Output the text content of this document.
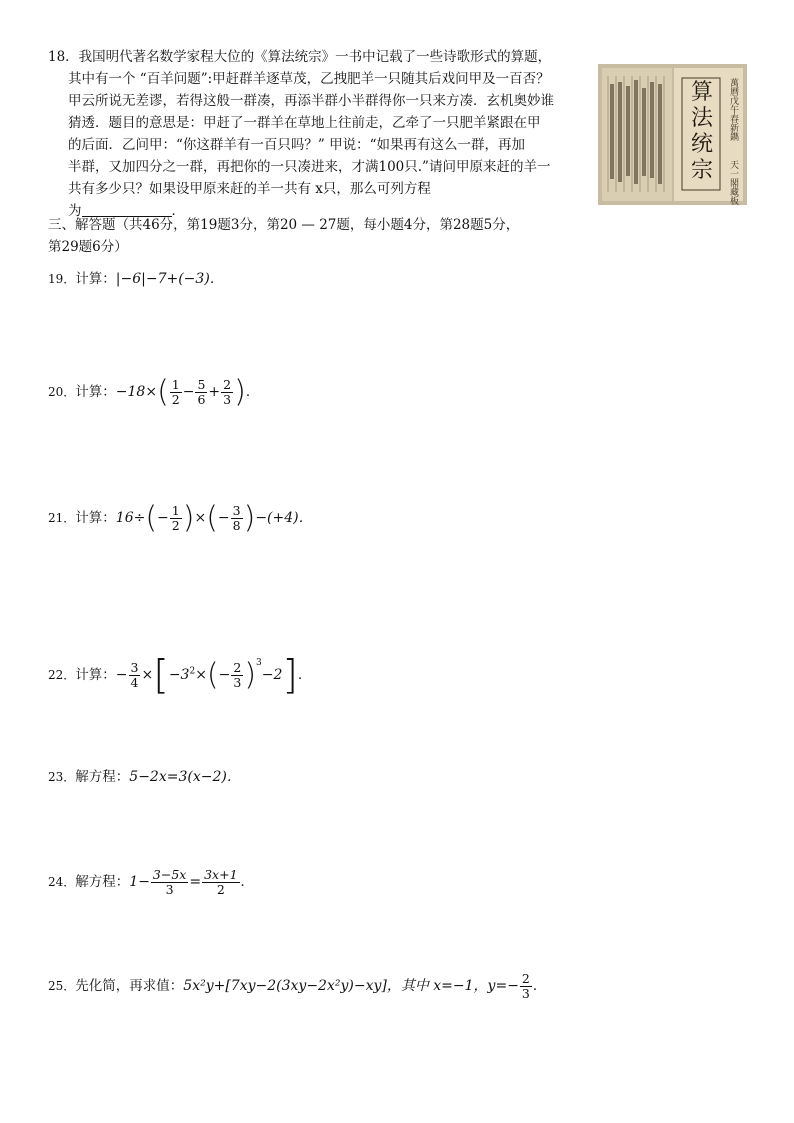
18．我国明代著名数学家程大位的《算法统宗》一书中记载了一些诗歌形式的算题，
其中有一个 “百羊问题”:甲赶群羊逐草茂，乙拽肥羊一只随其后戏问甲及一百否？
甲云所说无差谬，若得这般一群凑，再添半群小半群得你一只来方凑．玄机奥妙谁
猜透．题目的意思是：甲赶了一群羊在草地上往前走，乙牵了一只肥羊紧跟在甲
的后面．乙问甲：“你这群羊有一百只吗？” 甲说：“如果再有这么一群，再加
半群，又加四分之一群，再把你的一只凑进来，才满100只.”请问甲原来赶的羊一
共有多少只？如果设甲原来赶的羊一共有 x只，那么可列方程
为	．
算
法
统
宗
萬曆戊午春新鐫
天一閣藏板
三、解答题（共46分，第19题3分，第20 — 27题，每小题4分，第28题5分，
第29题6分）
19．计算：|−6|−7+(−3)．
20．计算：$-18\times( \frac{1}{2} - \frac{5}{6} + \frac{2}{3}$ )．
21．计算：$16\div(- \frac{1}{2}$ )×(− $\frac{3}{8} )-(+4)$．
22．计算：− $\frac{3}{4} \times[-3^2\times(- \frac{2}{3} )^3-2]$．
23．解方程：5−2x=3(x−2)．
24．解方程：$1- \frac{3-5x}{3} = \frac{3x+1}{2}$ ．
25．先化简，再求值：5x²y+[7xy−2(3xy−2x²y)−xy]，其中 x=−1，$y=- \frac{2}{3}$ ．
